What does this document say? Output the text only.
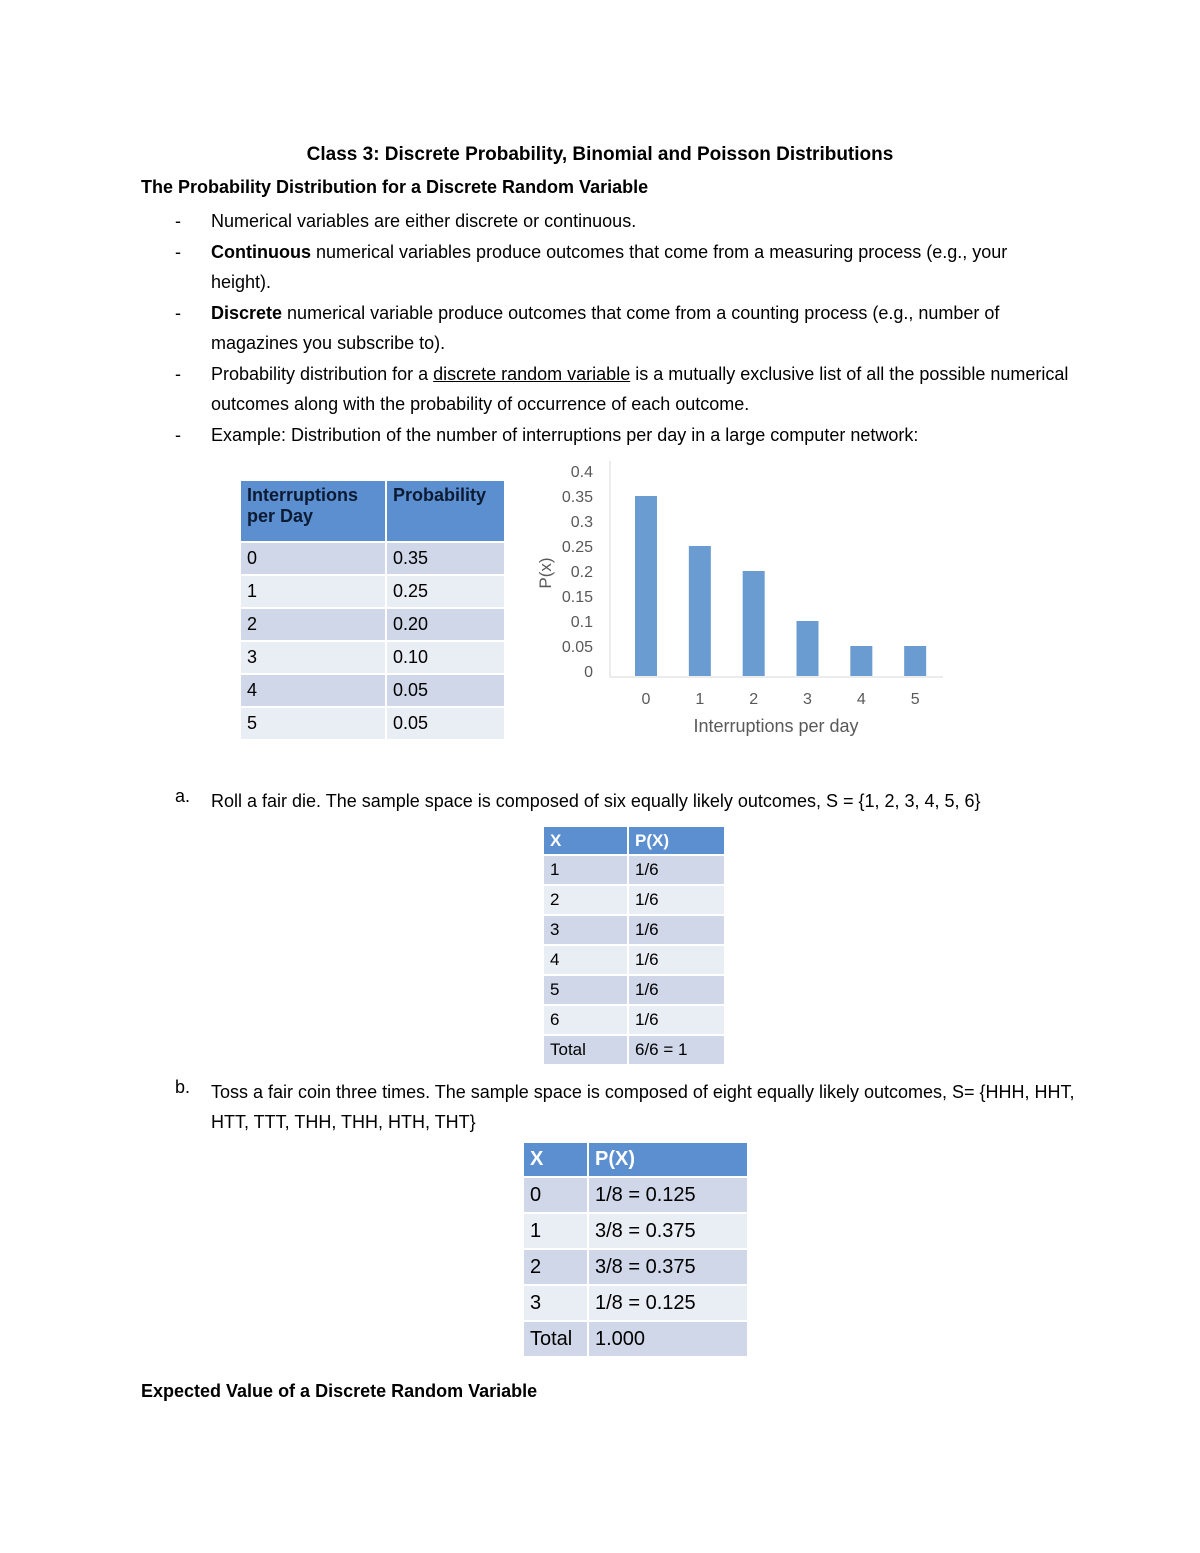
Class 3: Discrete Probability, Binomial and Poisson Distributions
The Probability Distribution for a Discrete Random Variable
- Numerical variables are either discrete or continuous.
- Continuous numerical variables produce outcomes that come from a measuring process (e.g., your height).
- Discrete numerical variable produce outcomes that come from a counting process (e.g., number of magazines you subscribe to).
- Probability distribution for a discrete random variable is a mutually exclusive list of all the possible numerical outcomes along with the probability of occurrence of each outcome.
- Example: Distribution of the number of interruptions per day in a large computer network:
Interruptions per Day	Probability
0	0.35
1	0.25
2	0.20
3	0.10
4	0.05
5	0.05
0
0.05
0.1
0.15
0.2
0.25
0.3
0.35
0.4
0	1	2	3	4	5
Interruptions per day
P(x)
a. Roll a fair die. The sample space is composed of six equally likely outcomes, S = {1, 2, 3, 4, 5, 6}
X	P(X)
1	1/6
2	1/6
3	1/6
4	1/6
5	1/6
6	1/6
Total	6/6 = 1
b. Toss a fair coin three times. The sample space is composed of eight equally likely outcomes, S= {HHH, HHT, HTT, TTT, THH, THH, HTH, THT}
X	P(X)
0	1/8 = 0.125
1	3/8 = 0.375
2	3/8 = 0.375
3	1/8 = 0.125
Total	1.000
Expected Value of a Discrete Random Variable
